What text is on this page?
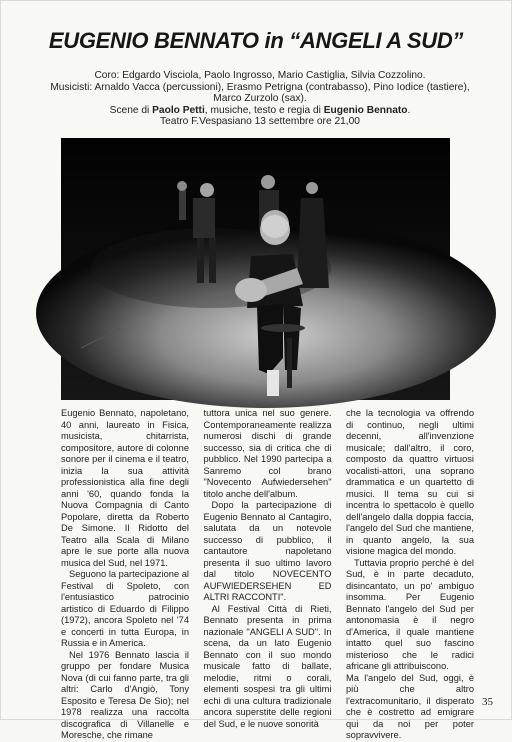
EUGENIO BENNATO in “ANGELI A SUD”
Coro: Edgardo Visciola, Paolo Ingrosso, Mario Castiglia, Silvia Cozzolino.
Musicisti: Arnaldo Vacca (percussioni), Erasmo Petrigna (contrabasso), Pino Iodice (tastiere),
Marco Zurzolo (sax).
Scene di Paolo Petti, musiche, testo e regia di Eugenio Bennato.
Teatro F.Vespasiano 13 settembre ore 21,00

Eugenio Bennato, napoletano, 40 anni, laureato in Fisica, musicista, chitarrista, compositore, autore di colonne sonore per il cinema e il teatro, inizia la sua attività professionistica alla fine degli anni '60, quando fonda la Nuova Compagnia di Canto Popolare, diretta da Roberto De Simone. Il Ridotto del Teatro alla Scala di Milano apre le sue porte alla nuova musica del Sud, nel 1971.

Seguono la partecipazione al Festival di Spoleto, con l'entusiastico patrocinio artistico di Eduardo di Filippo (1972), ancora Spoleto nel '74 e concerti in tutta Europa, in Russia e in America.

Nel 1976 Bennato lascia il gruppo per fondare Musica Nova (di cui fanno parte, tra gli altri: Carlo d'Angiò, Tony Esposito e Teresa De Sio); nel 1978 realizza una raccolta discografica di Villanelle e Moresche, che rimane

tuttora unica nel suo genere. Contemporaneamente realizza numerosi dischi di grande successo, sia di critica che di pubblico. Nel 1990 partecipa a Sanremo col brano "Novecento Aufwiedersehen" titolo anche dell'album.

Dopo la partecipazione di Eugenio Bennato al Cantagiro, salutata da un notevole successo di pubblico, il cantautore napoletano presenta il suo ultimo lavoro dal titolo NOVECENTO AUFWIEDERSEHEN ED ALTRI RACCONTI".

Al Festival Città di Rieti, Bennato presenta in prima nazionale "ANGELI A SUD". In scena, da un lato Eugenio Bennato con il suo mondo musicale fatto di ballate, melodie, ritmi o corali, elementi sospesi tra gli ultimi echi di una cultura tradizionale ancora superstite delle regioni del Sud, e le nuove sonorità

che la tecnologia va offrendo di continuo, negli ultimi decenni, all'invenzione musicale; dall'altro, il coro, composto da quattro virtuosi vocalisti-attori, una soprano drammatica e un quartetto di musici. Il tema su cui si incentra lo spettacolo è quello dell'angelo dalla doppia faccia, l'angelo del Sud che mantiene, in quanto angelo, la sua visione magica del mondo.

Tuttavia proprio perché è del Sud, è in parte decaduto, disincantato, un po' ambiguo insomma. Per Eugenio Bennato l'angelo del Sud per antonomasia è il negro d'America, il quale mantiene intatto quel suo fascino misterioso che le radici africane gli attribuiscono.

Ma l'angelo del Sud, oggi, è più che altro l'extracomunitario, il disperato che è costretto ad emigrare qui da noi per poter sopravvivere.

35
